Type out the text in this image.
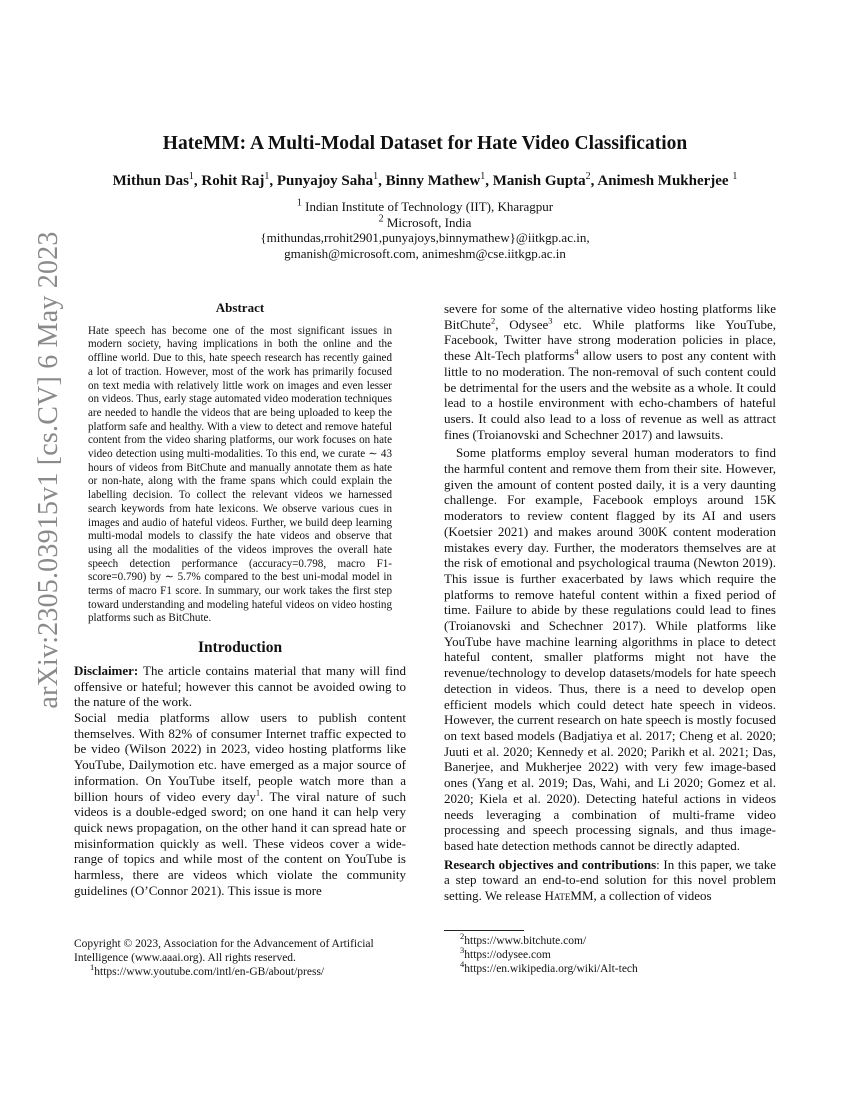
arXiv:2305.03915v1 [cs.CV] 6 May 2023
HateMM: A Multi-Modal Dataset for Hate Video Classification
Mithun Das$^1$, Rohit Raj$^1$, Punyajoy Saha$^1$, Binny Mathew$^1$, Manish Gupta$^2$, Animesh Mukherjee $^1$
$^1$ Indian Institute of Technology (IIT), Kharagpur
$^2$ Microsoft, India
{mithundas,rrohit2901,punyajoys,binnymathew}@iitkgp.ac.in,
gmanish@microsoft.com, animeshm@cse.iitkgp.ac.in
Abstract

Hate speech has become one of the most significant issues in modern society, having implications in both the online and the offline world. Due to this, hate speech research has recently gained a lot of traction. However, most of the work has primarily focused on text media with relatively little work on images and even lesser on videos. Thus, early stage automated video moderation techniques are needed to handle the videos that are being uploaded to keep the platform safe and healthy. With a view to detect and remove hateful content from the video sharing platforms, our work focuses on hate video detection using multi-modalities. To this end, we curate ∼ 43 hours of videos from BitChute and manually annotate them as hate or non-hate, along with the frame spans which could explain the labelling decision. To collect the relevant videos we harnessed search keywords from hate lexicons. We observe various cues in images and audio of hateful videos. Further, we build deep learning multi-modal models to classify the hate videos and observe that using all the modalities of the videos improves the overall hate speech detection performance (accuracy=0.798, macro F1-score=0.790) by ∼ 5.7% compared to the best uni-modal model in terms of macro F1 score. In summary, our work takes the first step toward understanding and modeling hateful videos on video hosting platforms such as BitChute.

Introduction

Disclaimer: The article contains material that many will find offensive or hateful; however this cannot be avoided owing to the nature of the work.

Social media platforms allow users to publish content themselves. With 82% of consumer Internet traffic expected to be video (Wilson 2022) in 2023, video hosting platforms like YouTube, Dailymotion etc. have emerged as a major source of information. On YouTube itself, people watch more than a billion hours of video every day$^1$. The viral nature of such videos is a double-edged sword; on one hand it can help very quick news propagation, on the other hand it can spread hate or misinformation quickly as well. These videos cover a wide-range of topics and while most of the content on YouTube is harmless, there are videos which violate the community guidelines (O’Connor 2021). This issue is more

severe for some of the alternative video hosting platforms like BitChute$^2$, Odysee$^3$ etc. While platforms like YouTube, Facebook, Twitter have strong moderation policies in place, these Alt-Tech platforms$^4$ allow users to post any content with little to no moderation. The non-removal of such content could be detrimental for the users and the website as a whole. It could lead to a hostile environment with echo-chambers of hateful users. It could also lead to a loss of revenue as well as attract fines (Troianovski and Schechner 2017) and lawsuits.

Some platforms employ several human moderators to find the harmful content and remove them from their site. However, given the amount of content posted daily, it is a very daunting challenge. For example, Facebook employs around 15K moderators to review content flagged by its AI and users (Koetsier 2021) and makes around 300K content moderation mistakes every day. Further, the moderators themselves are at the risk of emotional and psychological trauma (Newton 2019). This issue is further exacerbated by laws which require the platforms to remove hateful content within a fixed period of time. Failure to abide by these regulations could lead to fines (Troianovski and Schechner 2017). While platforms like YouTube have machine learning algorithms in place to detect hateful content, smaller platforms might not have the revenue/technology to develop datasets/models for hate speech detection in videos. Thus, there is a need to develop open efficient models which could detect hate speech in videos. However, the current research on hate speech is mostly focused on text based models (Badjatiya et al. 2017; Cheng et al. 2020; Juuti et al. 2020; Kennedy et al. 2020; Parikh et al. 2021; Das, Banerjee, and Mukherjee 2022) with very few image-based ones (Yang et al. 2019; Das, Wahi, and Li 2020; Gomez et al. 2020; Kiela et al. 2020). Detecting hateful actions in videos needs leveraging a combination of multi-frame video processing and speech processing signals, and thus image-based hate detection methods cannot be directly adapted.

Research objectives and contributions: In this paper, we take a step toward an end-to-end solution for this novel problem setting. We release HateMM, a collection of videos

Copyright © 2023, Association for the Advancement of Artificial Intelligence (www.aaai.org). All rights reserved.
$^1$https://www.youtube.com/intl/en-GB/about/press/
$^2$https://www.bitchute.com/
$^3$https://odysee.com
$^4$https://en.wikipedia.org/wiki/Alt-tech
